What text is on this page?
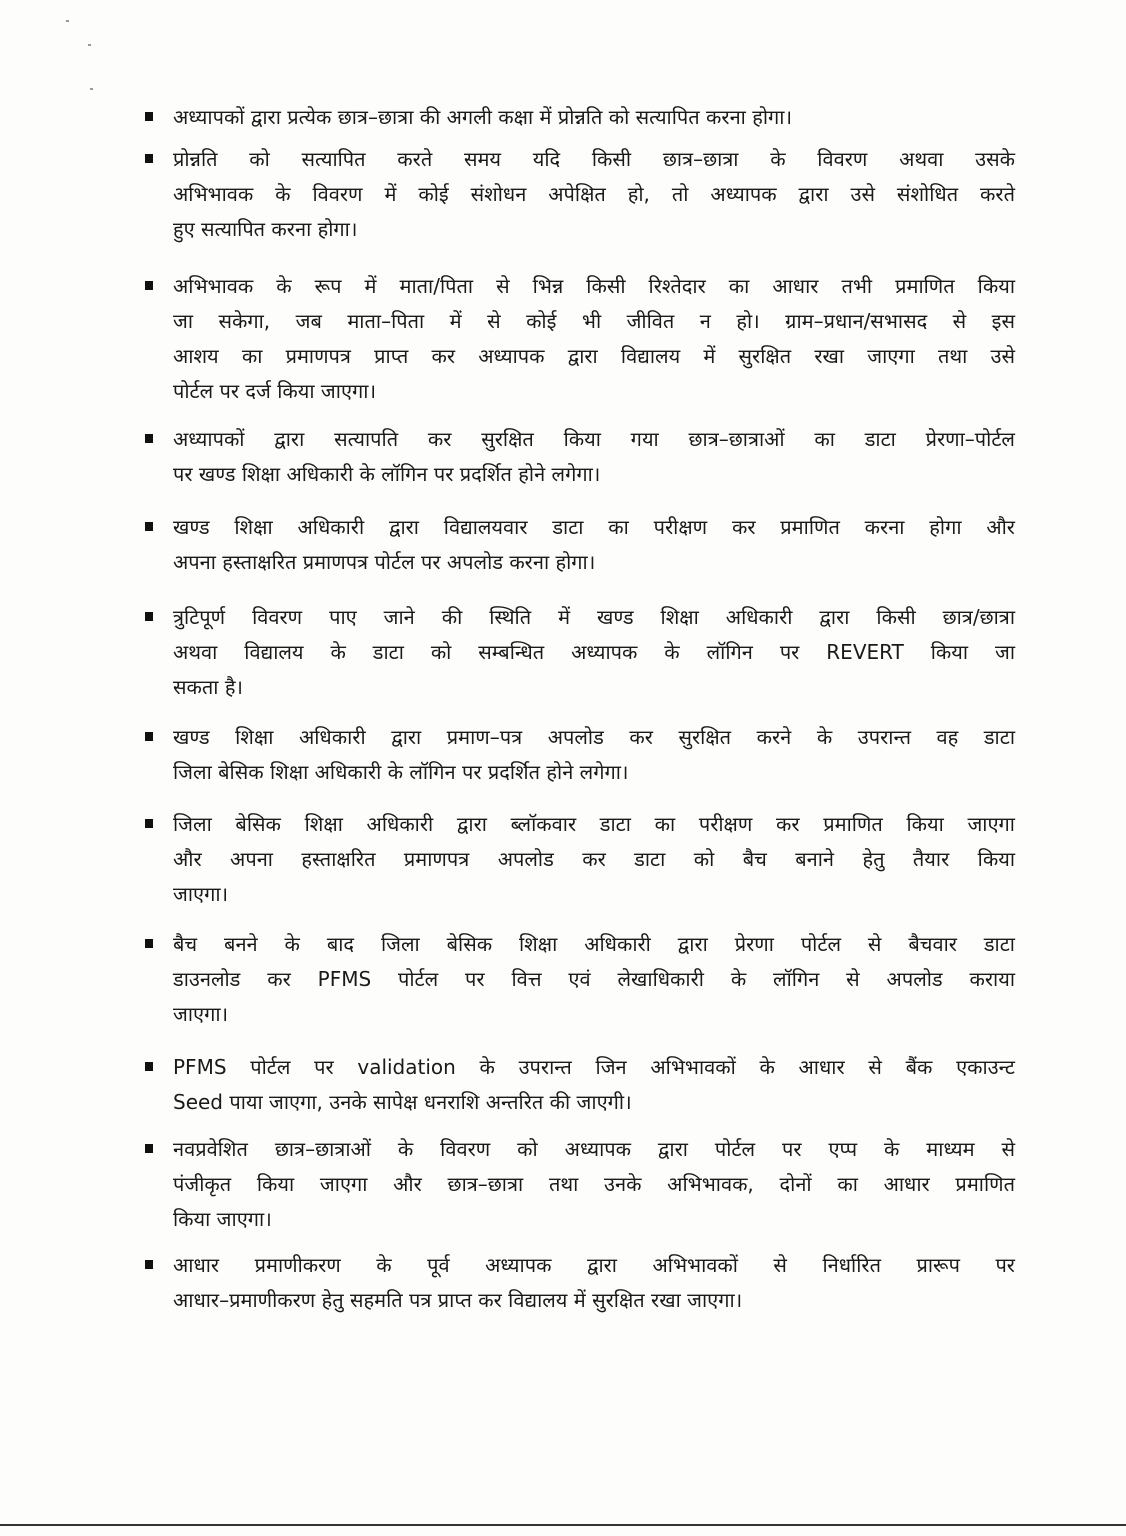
अध्यापकों द्वारा प्रत्येक छात्र–छात्रा की अगली कक्षा में प्रोन्नति को सत्यापित करना होगा।
प्रोन्नति को सत्यापित करते समय यदि किसी छात्र–छात्रा के विवरण अथवा उसके
अभिभावक के विवरण में कोई संशोधन अपेक्षित हो, तो अध्यापक द्वारा उसे संशोधित करते
हुए सत्यापित करना होगा।
अभिभावक के रूप में माता/पिता से भिन्न किसी रिश्तेदार का आधार तभी प्रमाणित किया
जा सकेगा, जब माता–पिता में से कोई भी जीवित न हो। ग्राम–प्रधान/सभासद से इस
आशय का प्रमाणपत्र प्राप्त कर अध्यापक द्वारा विद्यालय में सुरक्षित रखा जाएगा तथा उसे
पोर्टल पर दर्ज किया जाएगा।
अध्यापकों द्वारा सत्यापति कर सुरक्षित किया गया छात्र–छात्राओं का डाटा प्रेरणा–पोर्टल
पर खण्ड शिक्षा अधिकारी के लॉगिन पर प्रदर्शित होने लगेगा।
खण्ड शिक्षा अधिकारी द्वारा विद्यालयवार डाटा का परीक्षण कर प्रमाणित करना होगा और
अपना हस्ताक्षरित प्रमाणपत्र पोर्टल पर अपलोड करना होगा।
त्रुटिपूर्ण विवरण पाए जाने की स्थिति में खण्ड शिक्षा अधिकारी द्वारा किसी छात्र/छात्रा
अथवा विद्यालय के डाटा को सम्बन्धित अध्यापक के लॉगिन पर REVERT किया जा
सकता है।
खण्ड शिक्षा अधिकारी द्वारा प्रमाण–पत्र अपलोड कर सुरक्षित करने के उपरान्त वह डाटा
जिला बेसिक शिक्षा अधिकारी के लॉगिन पर प्रदर्शित होने लगेगा।
जिला बेसिक शिक्षा अधिकारी द्वारा ब्लॉकवार डाटा का परीक्षण कर प्रमाणित किया जाएगा
और अपना हस्ताक्षरित प्रमाणपत्र अपलोड कर डाटा को बैच बनाने हेतु तैयार किया
जाएगा।
बैच बनने के बाद जिला बेसिक शिक्षा अधिकारी द्वारा प्रेरणा पोर्टल से बैचवार डाटा
डाउनलोड कर PFMS पोर्टल पर वित्त एवं लेखाधिकारी के लॉगिन से अपलोड कराया
जाएगा।
PFMS पोर्टल पर validation के उपरान्त जिन अभिभावकों के आधार से बैंक एकाउन्ट
Seed पाया जाएगा, उनके सापेक्ष धनराशि अन्तरित की जाएगी।
नवप्रवेशित छात्र–छात्राओं के विवरण को अध्यापक द्वारा पोर्टल पर एप्प के माध्यम से
पंजीकृत किया जाएगा और छात्र–छात्रा तथा उनके अभिभावक, दोनों का आधार प्रमाणित
किया जाएगा।
आधार प्रमाणीकरण के पूर्व अध्यापक द्वारा अभिभावकों से निर्धारित प्रारूप पर
आधार–प्रमाणीकरण हेतु सहमति पत्र प्राप्त कर विद्यालय में सुरक्षित रखा जाएगा।
